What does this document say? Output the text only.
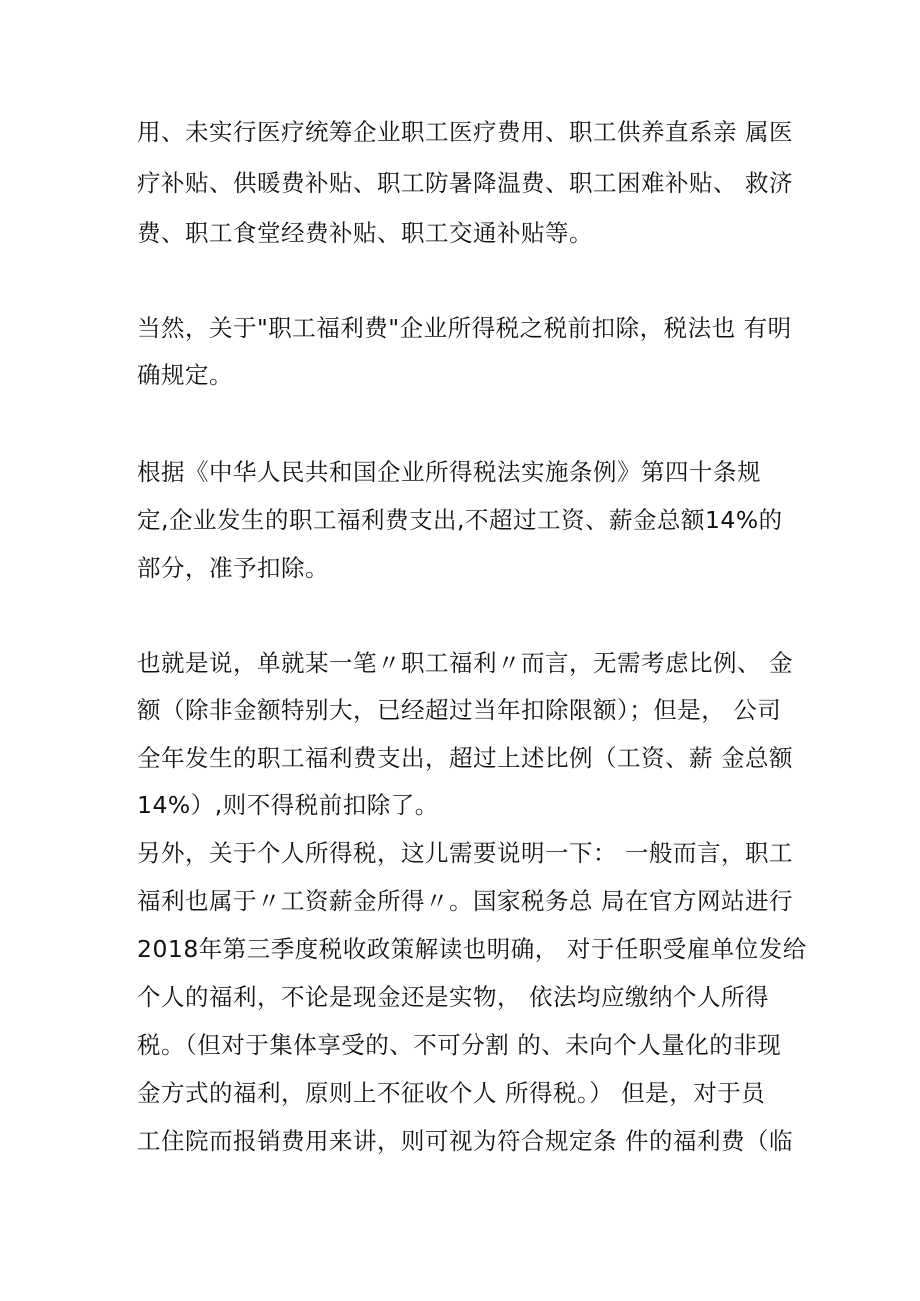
用、未实行医疗统筹企业职工医疗费用、职工供养直系亲 属医
疗补贴、供暖费补贴、职工防暑降温费、职工困难补贴、 救济
费、职工食堂经费补贴、职工交通补贴等。
当然，关于"职工福利费"企业所得税之税前扣除，税法也 有明
确规定。
根据《中华人民共和国企业所得税法实施条例》第四十条规
定,企业发生的职工福利费支出,不超过工资、薪金总额14%的
部分，准予扣除。
也就是说，单就某一笔〃职工福利〃而言，无需考虑比例、 金
额（除非金额特别大，已经超过当年扣除限额）；但是， 公司
全年发生的职工福利费支出，超过上述比例（工资、薪 金总额
14%）,则不得税前扣除了。
另外，关于个人所得税，这儿需要说明一下： 一般而言，职工
福利也属于〃工资薪金所得〃。国家税务总 局在官方网站进行
2018年第三季度税收政策解读也明确， 对于任职受雇单位发给
个人的福利，不论是现金还是实物， 依法均应缴纳个人所得
税。（但对于集体享受的、不可分割 的、未向个人量化的非现
金方式的福利，原则上不征收个人 所得税。） 但是，对于员
工住院而报销费用来讲，则可视为符合规定条 件的福利费（临
